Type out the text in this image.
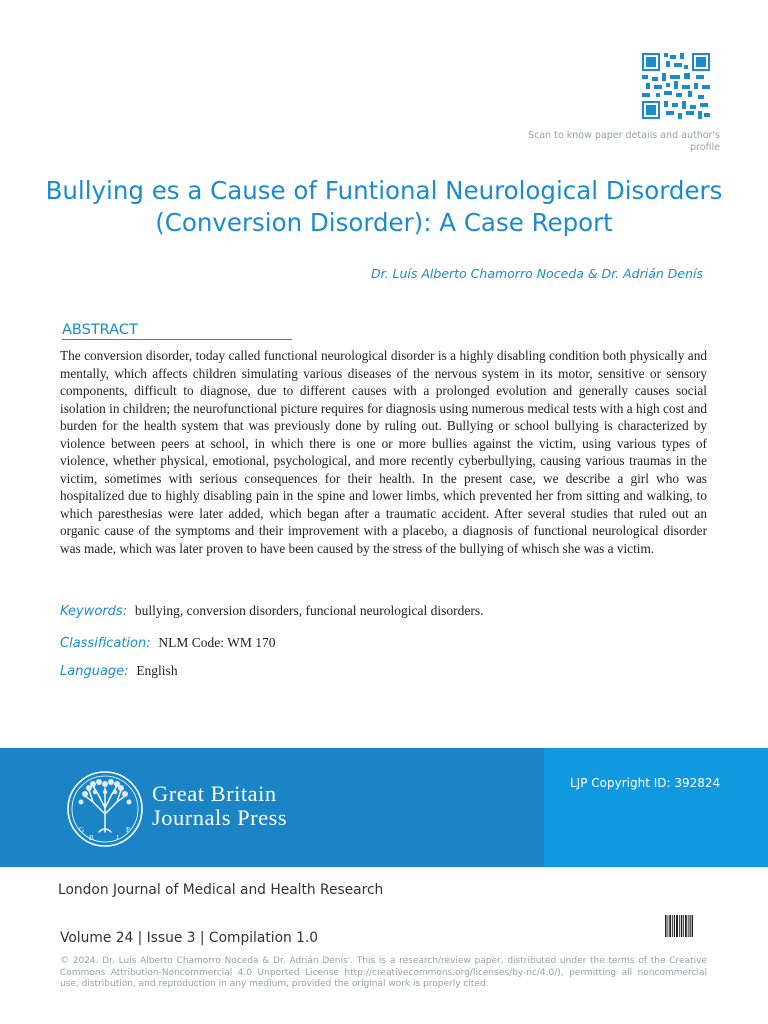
Scan to know paper details and author's profile
Bullying es a Cause of Funtional Neurological Disorders (Conversion Disorder): A Case Report
Dr. Luís Alberto Chamorro Noceda & Dr. Adrián Denís
ABSTRACT

The conversion disorder, today called functional neurological disorder is a highly disabling condition both physically and mentally, which affects children simulating various diseases of the nervous system in its motor, sensitive or sensory components, difficult to diagnose, due to different causes with a prolonged evolution and generally causes social isolation in children; the neurofunctional picture requires for diagnosis using numerous medical tests with a high cost and burden for the health system that was previously done by ruling out. Bullying or school bullying is characterized by violence between peers at school, in which there is one or more bullies against the victim, using various types of violence, whether physical, emotional, psychological, and more recently cyberbullying, causing various traumas in the victim, sometimes with serious consequences for their health. In the present case, we describe a girl who was hospitalized due to highly disabling pain in the spine and lower limbs, which prevented her from sitting and walking, to which paresthesias were later added, which began after a traumatic accident. After several studies that ruled out an organic cause of the symptoms and their improvement with a placebo, a diagnosis of functional neurological disorder was made, which was later proven to have been caused by the stress of the bullying of whisch she was a victim.

Keywords: bullying, conversion disorders, funcional neurological disorders.
Classification: NLM Code: WM 170
Language: English
G
B	J
P
Great Britain
Journals Press
LJP Copyright ID: 392824
London Journal of Medical and Health Research
Volume 24 | Issue 3 | Compilation 1.0

© 2024. Dr. Luís Alberto Chamorro Noceda & Dr. Adrián Denís'. This is a research/review paper, distributed under the terms of the Creative Commons Attribution-Noncommercial 4.0 Unported License http://creativecommons.org/licenses/by-nc/4.0/), permitting all noncommercial use, distribution, and reproduction in any medium, provided the original work is properly cited.
